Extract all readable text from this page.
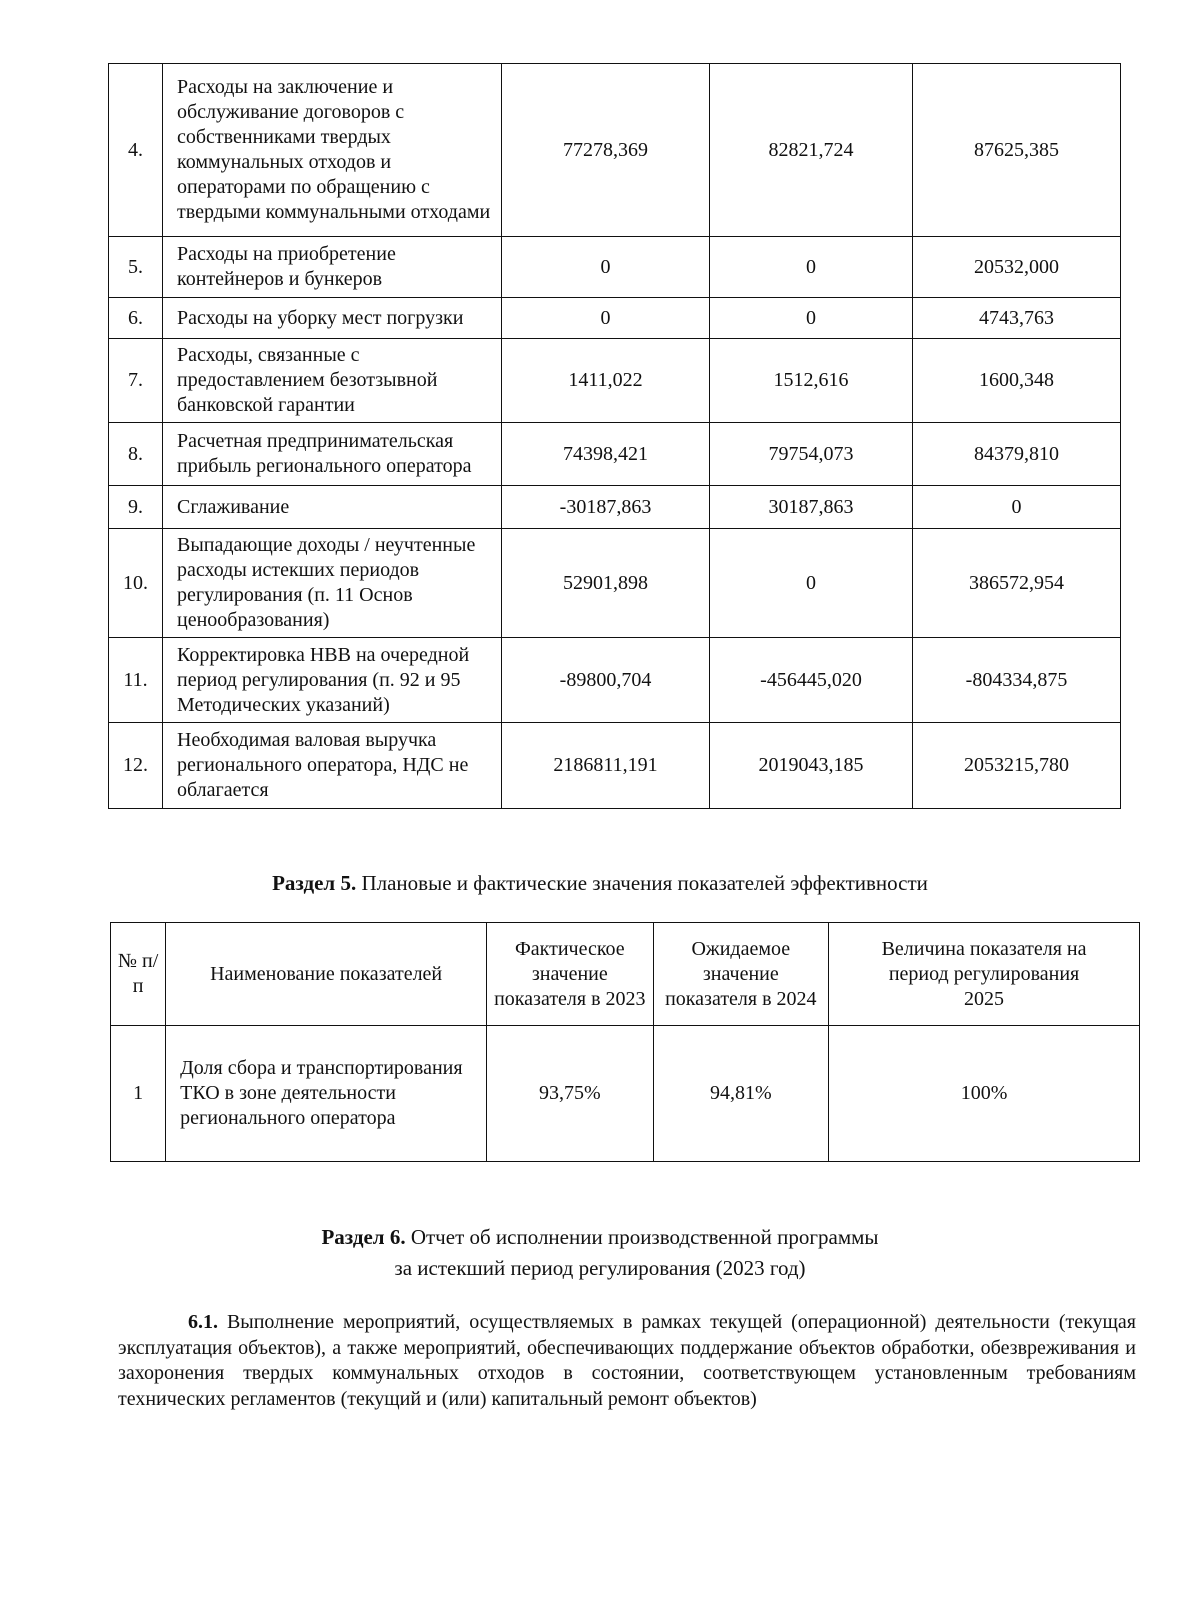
4.	Расходы на заключение и обслуживание договоров с собственниками твердых коммунальных отходов и операторами по обращению с твердыми коммунальными отходами	77278,369	82821,724	87625,385
5.	Расходы на приобретение контейнеров и бункеров	0	0	20532,000
6.	Расходы на уборку мест погрузки	0	0	4743,763
7.	Расходы, связанные с предоставлением безотзывной банковской гарантии	1411,022	1512,616	1600,348
8.	Расчетная предпринимательская прибыль регионального оператора	74398,421	79754,073	84379,810
9.	Сглаживание	-30187,863	30187,863	0
10.	Выпадающие доходы / неучтенные расходы истекших периодов регулирования (п. 11 Основ ценообразования)	52901,898	0	386572,954
11.	Корректировка НВВ на очередной период регулирования (п. 92 и 95 Методических указаний)	-89800,704	-456445,020	-804334,875
12.	Необходимая валовая выручка регионального оператора, НДС не облагается	2186811,191	2019043,185	2053215,780
Раздел 5. Плановые и фактические значения показателей эффективности
№ п/п	Наименование показателей	Фактическое значение показателя в 2023	Ожидаемое значение показателя в 2024	Величина показателя на период регулирования 2025
1	Доля сбора и транспортирования ТКО в зоне деятельности регионального оператора	93,75%	94,81%	100%
Раздел 6. Отчет об исполнении производственной программы
за истекший период регулирования (2023 год)
6.1. Выполнение мероприятий, осуществляемых в рамках текущей (операционной) деятельности (текущая эксплуатация объектов), а также мероприятий, обеспечивающих поддержание объектов обработки, обезвреживания и захоронения твердых коммунальных отходов в состоянии, соответствующем установленным требованиям технических регламентов (текущий и (или) капитальный ремонт объектов)
